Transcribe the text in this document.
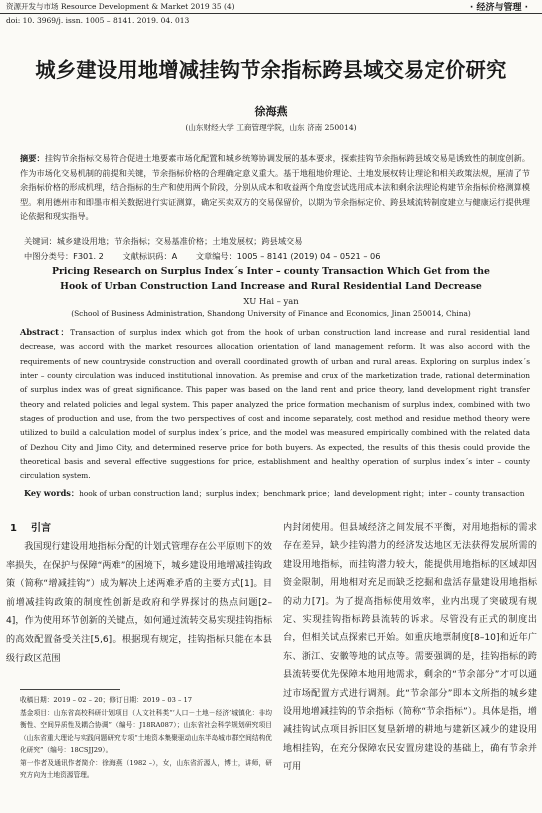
资源开发与市场 Resource Development & Market 2019 35 (4)	· 经济与管理 ·
doi: 10. 3969/j. issn. 1005 – 8141. 2019. 04. 013
城乡建设用地增减挂钩节余指标跨县域交易定价研究
徐海燕
(山东财经大学 工商管理学院，山东 济南 250014)
摘要：挂钩节余指标交易符合促进土地要素市场化配置和城乡统筹协调发展的基本要求，探索挂钩节余指标跨县域交易是诱致性的制度创新。作为市场化交易机制的前提和关键，节余指标价格的合理确定意义重大。基于地租地价理论、土地发展权转让理论和相关政策法规，厘清了节余指标价格的形成机理，结合指标的生产和使用两个阶段，分别从成本和收益两个角度尝试选用成本法和剩余法理论构建节余指标价格测算模型。利用德州市和即墨市相关数据进行实证测算，确定买卖双方的交易保留价，以期为节余指标定价、跨县域流转制度建立与健康运行提供理论依据和现实指导。
关键词：城乡建设用地；节余指标；交易基准价格；土地发展权；跨县域交易
中图分类号：F301. 2 文献标识码：A 文章编号：1005 – 8141 (2019) 04 – 0521 – 06
Pricing Research on Surplus Index´s Inter – county Transaction Which Get from the
Hook of Urban Construction Land Increase and Rural Residential Land Decrease
XU Hai – yan
(School of Business Administration, Shandong University of Finance and Economics, Jinan 250014, China)
Abstract：Transaction of surplus index which got from the hook of urban construction land increase and rural residential land decrease, was accord with the market resources allocation orientation of land management reform. It was also accord with the requirements of new countryside construction and overall coordinated growth of urban and rural areas. Exploring on surplus index´s inter – county circulation was induced institutional innovation. As premise and crux of the marketization trade, rational determination of surplus index was of great significance. This paper was based on the land rent and price theory, land development right transfer theory and related policies and legal system. This paper analyzed the price formation mechanism of surplus index, combined with two stages of production and use, from the two perspectives of cost and income separately, cost method and residue method theory were utilized to build a calculation model of surplus index´s price, and the model was measured empirically combined with the related data of Dezhou City and Jimo City, and determined reserve price for both buyers. As expected, the results of this thesis could provide the theoretical basis and several effective suggestions for price, establishment and healthy operation of surplus index´s inter – county circulation system.
Key words：hook of urban construction land；surplus index；benchmark price；land development right；inter – county transaction
1 引言
我国现行建设用地指标分配的计划式管理存在公平原则下的效率损失，在保护与保障“两难”的困境下，城乡建设用地增减挂钩政策（简称“增减挂钩”）成为解决上述两难矛盾的主要方式[1]。目前增减挂钩政策的制度性创新是政府和学界探讨的热点问题[2–4]，作为使用环节创新的关键点，如何通过流转交易实现挂钩指标的高效配置备受关注[5,6]。根据现有规定，挂钩指标只能在本县级行政区范围
内封闭使用。但县域经济之间发展不平衡，对用地指标的需求存在差异，缺少挂钩潜力的经济发达地区无法获得发展所需的建设用地指标，而挂钩潜力较大，能提供用地指标的区域却因资金限制，用地相对充足而缺乏挖掘和盘活存量建设用地指标的动力[7]。为了提高指标使用效率，业内出现了突破现有规定、实现挂钩指标跨县流转的诉求。尽管没有正式的制度出台，但相关试点探索已开始。如重庆地票制度[8–10]和近年广东、浙江、安徽等地的试点等。需要强调的是，挂钩指标的跨县流转要优先保障本地用地需求，剩余的“节余部分”才可以通过市场配置方式进行调剂。此“节余部分”即本文所指的城乡建设用地增减挂钩的节余指标（简称“节余指标”）。具体是指，增减挂钩试点项目拆旧区复垦新增的耕地与建新区减少的建设用地相挂钩，在充分保障农民安置房建设的基础上，确有节余并可用

收稿日期：2019 – 02 – 20；修订日期：2019 – 03 – 17

基金项目：山东省高校科研计划项目（人文社科类“‘人口－土地－经济’城镇化：非均衡性、空间异质性及耦合协调”（编号：J18RA087）；山东省社会科学规划研究项目（山东省重大理论与实践问题研究专项“土地资本集聚驱动山东半岛城市群空间结构优化研究”（编号：18CSJJ29）。

第一作者及通讯作者简介：徐海燕（1982 –），女，山东省沂源人，博士，讲师，研究方向为土地资源管理。
